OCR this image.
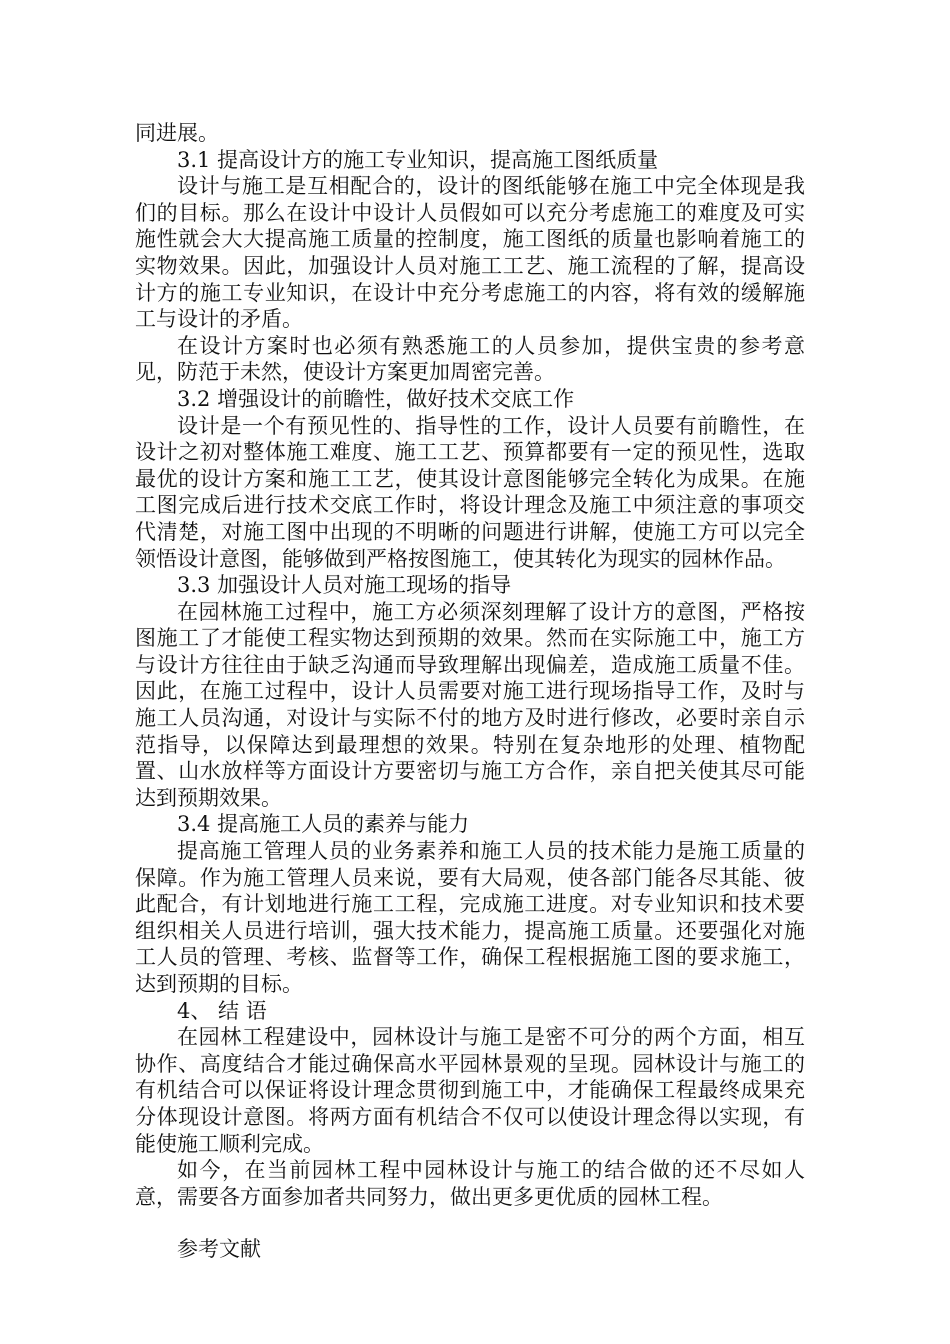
同进展。

3.1 提高设计方的施工专业知识，提高施工图纸质量

设计与施工是互相配合的，设计的图纸能够在施工中完全体现是我们的目标。那么在设计中设计人员假如可以充分考虑施工的难度及可实施性就会大大提高施工质量的控制度，施工图纸的质量也影响着施工的实物效果。因此，加强设计人员对施工工艺、施工流程的了解，提高设计方的施工专业知识，在设计中充分考虑施工的内容，将有效的缓解施工与设计的矛盾。

在设计方案时也必须有熟悉施工的人员参加，提供宝贵的参考意见，防范于未然，使设计方案更加周密完善。

3.2 增强设计的前瞻性，做好技术交底工作

设计是一个有预见性的、指导性的工作，设计人员要有前瞻性，在设计之初对整体施工难度、施工工艺、预算都要有一定的预见性，选取最优的设计方案和施工工艺，使其设计意图能够完全转化为成果。在施工图完成后进行技术交底工作时，将设计理念及施工中须注意的事项交代清楚，对施工图中出现的不明晰的问题进行讲解，使施工方可以完全领悟设计意图，能够做到严格按图施工，使其转化为现实的园林作品。

3.3 加强设计人员对施工现场的指导

在园林施工过程中，施工方必须深刻理解了设计方的意图，严格按图施工了才能使工程实物达到预期的效果。然而在实际施工中，施工方与设计方往往由于缺乏沟通而导致理解出现偏差，造成施工质量不佳。因此，在施工过程中，设计人员需要对施工进行现场指导工作，及时与施工人员沟通，对设计与实际不付的地方及时进行修改，必要时亲自示范指导，以保障达到最理想的效果。特别在复杂地形的处理、植物配置、山水放样等方面设计方要密切与施工方合作，亲自把关使其尽可能达到预期效果。

3.4 提高施工人员的素养与能力

提高施工管理人员的业务素养和施工人员的技术能力是施工质量的保障。作为施工管理人员来说，要有大局观，使各部门能各尽其能、彼此配合，有计划地进行施工工程，完成施工进度。对专业知识和技术要组织相关人员进行培训，强大技术能力，提高施工质量。还要强化对施工人员的管理、考核、监督等工作，确保工程根据施工图的要求施工，达到预期的目标。

4、 结 语

在园林工程建设中，园林设计与施工是密不可分的两个方面，相互协作、高度结合才能过确保高水平园林景观的呈现。园林设计与施工的有机结合可以保证将设计理念贯彻到施工中，才能确保工程最终成果充分体现设计意图。将两方面有机结合不仅可以使设计理念得以实现，有能使施工顺利完成。

如今，在当前园林工程中园林设计与施工的结合做的还不尽如人意，需要各方面参加者共同努力，做出更多更优质的园林工程。

参考文献
